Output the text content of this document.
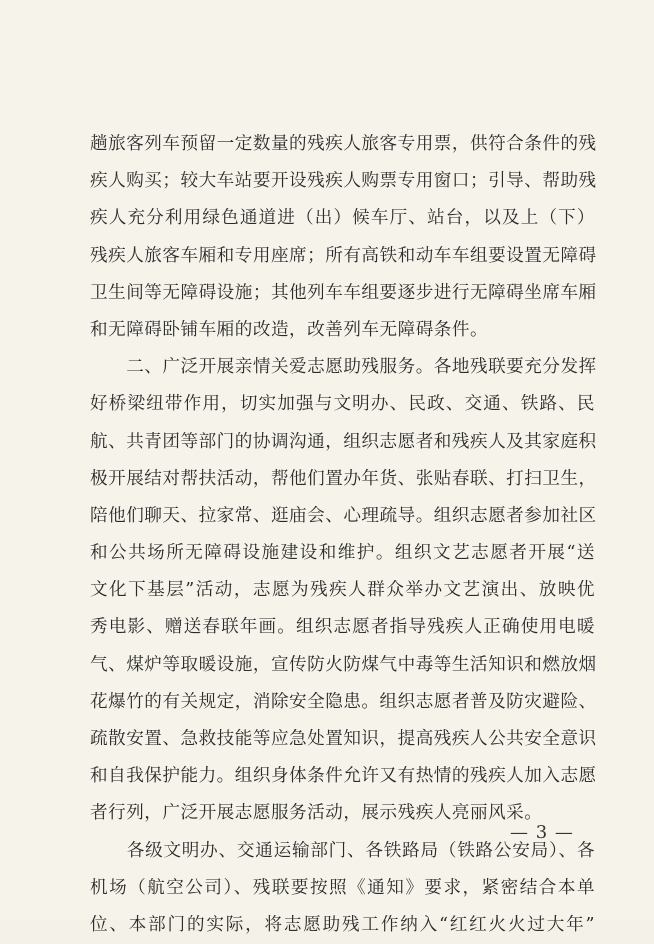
趟旅客列车预留一定数量的残疾人旅客专用票，供符合条件的残
疾人购买；较大车站要开设残疾人购票专用窗口；引导、帮助残
疾人充分利用绿色通道进（出）候车厅、站台，以及上（下）
残疾人旅客车厢和专用座席；所有高铁和动车车组要设置无障碍
卫生间等无障碍设施；其他列车车组要逐步进行无障碍坐席车厢
和无障碍卧铺车厢的改造，改善列车无障碍条件。
　　二、广泛开展亲情关爱志愿助残服务。各地残联要充分发挥
好桥梁纽带作用，切实加强与文明办、民政、交通、铁路、民
航、共青团等部门的协调沟通，组织志愿者和残疾人及其家庭积
极开展结对帮扶活动，帮他们置办年货、张贴春联、打扫卫生，
陪他们聊天、拉家常、逛庙会、心理疏导。组织志愿者参加社区
和公共场所无障碍设施建设和维护。组织文艺志愿者开展“送
文化下基层”活动，志愿为残疾人群众举办文艺演出、放映优
秀电影、赠送春联年画。组织志愿者指导残疾人正确使用电暖
气、煤炉等取暖设施，宣传防火防煤气中毒等生活知识和燃放烟
花爆竹的有关规定，消除安全隐患。组织志愿者普及防灾避险、
疏散安置、急救技能等应急处置知识，提高残疾人公共安全意识
和自我保护能力。组织身体条件允许又有热情的残疾人加入志愿
者行列，广泛开展志愿服务活动，展示残疾人亮丽风采。
　　各级文明办、交通运输部门、各铁路局（铁路公安局）、各
机场（航空公司）、残联要按照《通知》要求，紧密结合本单
位、本部门的实际，将志愿助残工作纳入“红红火火过大年”
— 3 —
